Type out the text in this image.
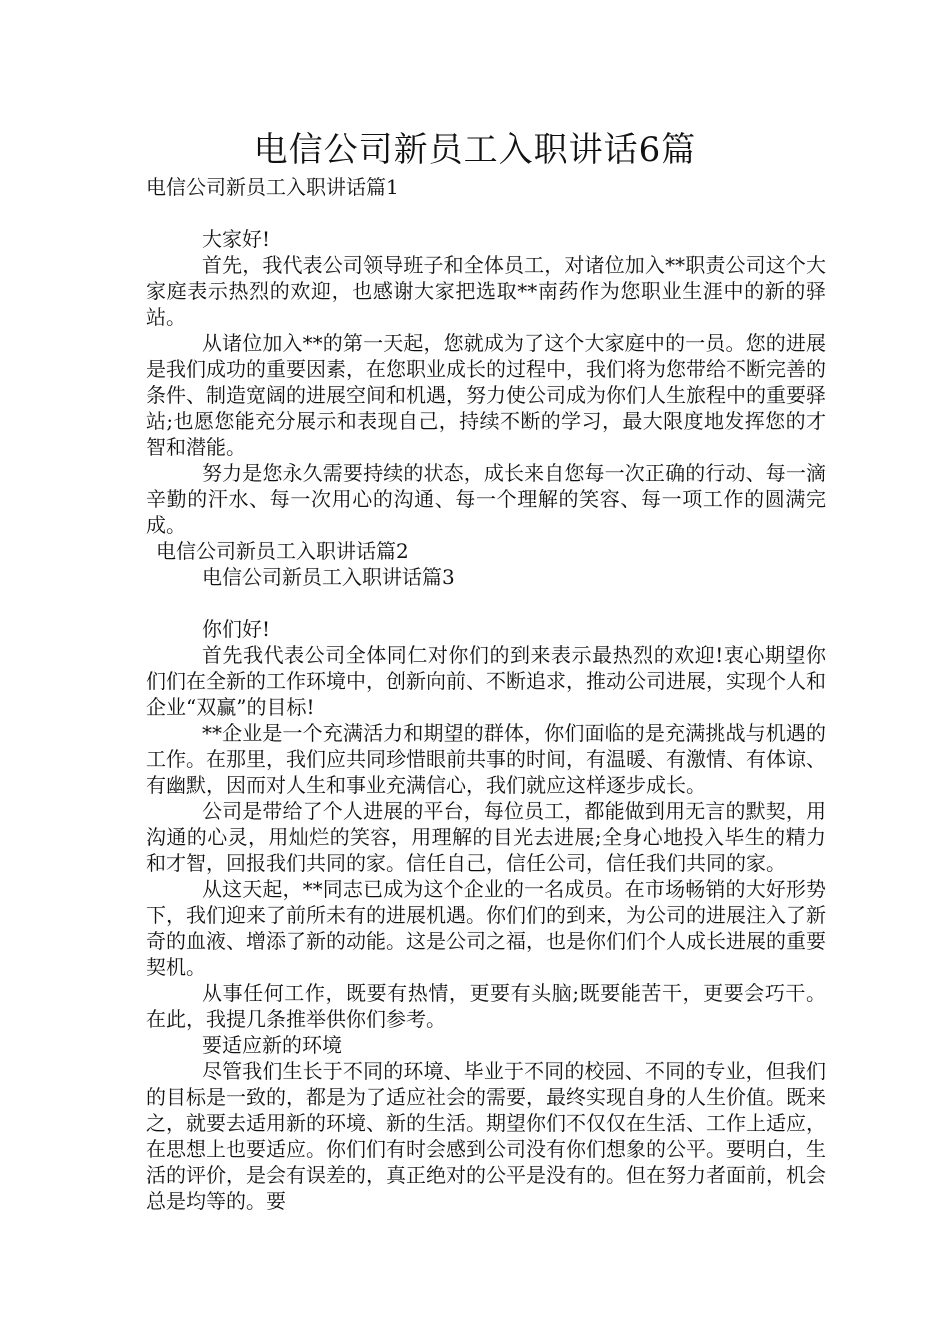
电信公司新员工入职讲话6篇

电信公司新员工入职讲话篇1

大家好!

首先，我代表公司领导班子和全体员工，对诸位加入**职责公司这个大家庭表示热烈的欢迎，也感谢大家把选取**南药作为您职业生涯中的新的驿站。

从诸位加入**的第一天起，您就成为了这个大家庭中的一员。您的进展是我们成功的重要因素，在您职业成长的过程中，我们将为您带给不断完善的条件、制造宽阔的进展空间和机遇，努力使公司成为你们人生旅程中的重要驿站;也愿您能充分展示和表现自己，持续不断的学习，最大限度地发挥您的才智和潜能。

努力是您永久需要持续的状态，成长来自您每一次正确的行动、每一滴辛勤的汗水、每一次用心的沟通、每一个理解的笑容、每一项工作的圆满完成。

电信公司新员工入职讲话篇2

电信公司新员工入职讲话篇3

你们好!

首先我代表公司全体同仁对你们的到来表示最热烈的欢迎!衷心期望你们们在全新的工作环境中，创新向前、不断追求，推动公司进展，实现个人和企业“双赢”的目标!

**企业是一个充满活力和期望的群体，你们面临的是充满挑战与机遇的工作。在那里，我们应共同珍惜眼前共事的时间，有温暖、有激情、有体谅、有幽默，因而对人生和事业充满信心，我们就应这样逐步成长。

公司是带给了个人进展的平台，每位员工，都能做到用无言的默契，用沟通的心灵，用灿烂的笑容，用理解的目光去进展;全身心地投入毕生的精力和才智，回报我们共同的家。信任自己，信任公司，信任我们共同的家。

从这天起，**同志已成为这个企业的一名成员。在市场畅销的大好形势下，我们迎来了前所未有的进展机遇。你们们的到来，为公司的进展注入了新奇的血液、增添了新的动能。这是公司之福，也是你们们个人成长进展的重要契机。

从事任何工作，既要有热情，更要有头脑;既要能苦干，更要会巧干。在此，我提几条推举供你们参考。

要适应新的环境

尽管我们生长于不同的环境、毕业于不同的校园、不同的专业，但我们的目标是一致的，都是为了适应社会的需要，最终实现自身的人生价值。既来之，就要去适用新的环境、新的生活。期望你们不仅仅在生活、工作上适应，在思想上也要适应。你们们有时会感到公司没有你们想象的公平。要明白，生活的评价，是会有误差的，真正绝对的公平是没有的。但在努力者面前，机会总是均等的。要
